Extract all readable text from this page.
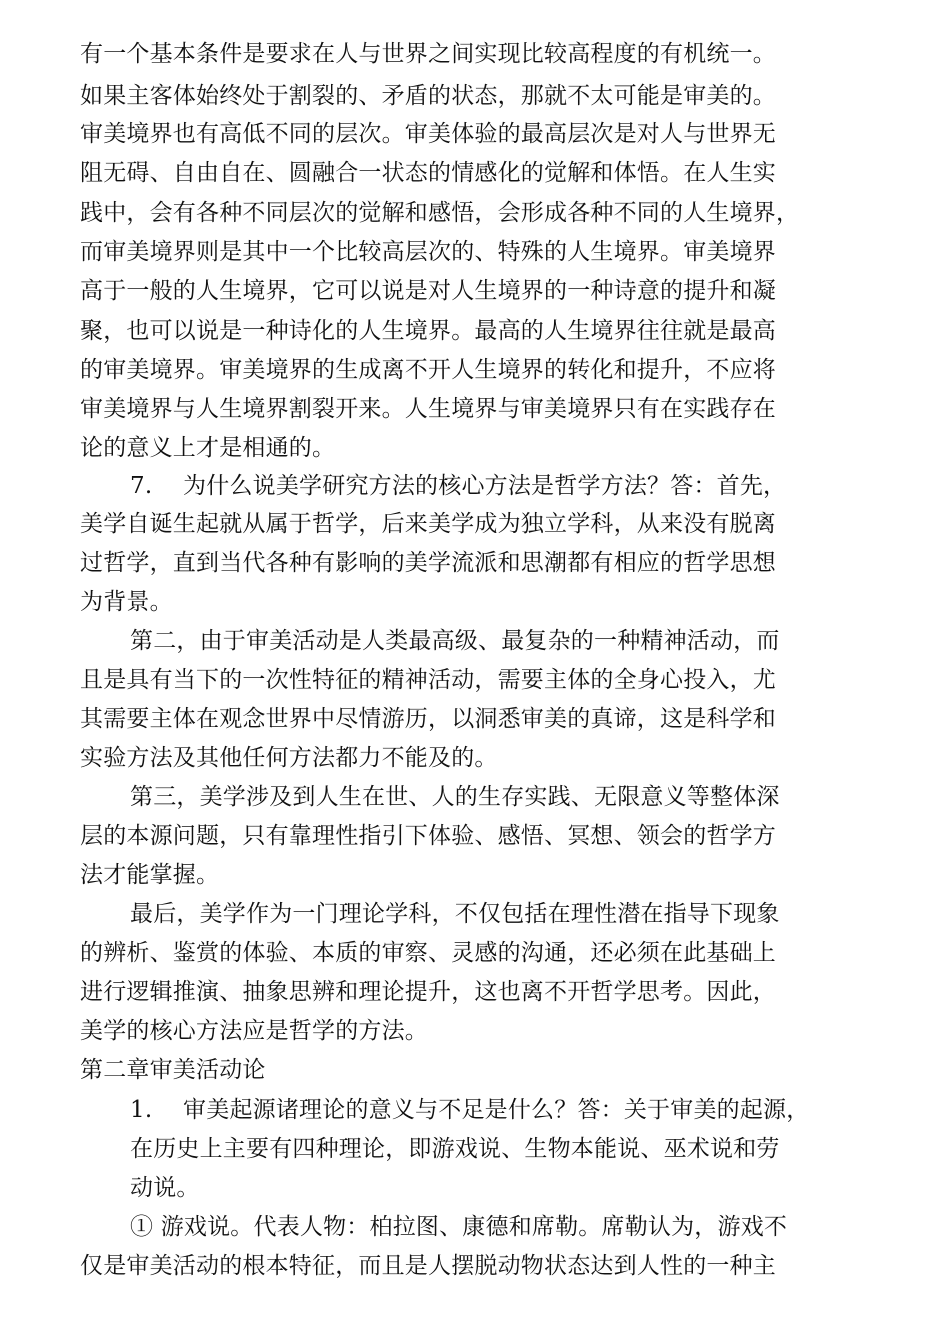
有一个基本条件是要求在人与世界之间实现比较高程度的有机统一。
如果主客体始终处于割裂的、矛盾的状态，那就不太可能是审美的。
审美境界也有高低不同的层次。审美体验的最高层次是对人与世界无
阻无碍、自由自在、圆融合一状态的情感化的觉解和体悟。在人生实
践中，会有各种不同层次的觉解和感悟，会形成各种不同的人生境界，
而审美境界则是其中一个比较高层次的、特殊的人生境界。审美境界
高于一般的人生境界，它可以说是对人生境界的一种诗意的提升和凝
聚，也可以说是一种诗化的人生境界。最高的人生境界往往就是最高
的审美境界。审美境界的生成离不开人生境界的转化和提升，不应将
审美境界与人生境界割裂开来。人生境界与审美境界只有在实践存在
论的意义上才是相通的。
7.　 为什么说美学研究方法的核心方法是哲学方法？答：首先，
美学自诞生起就从属于哲学，后来美学成为独立学科，从来没有脱离
过哲学，直到当代各种有影响的美学流派和思潮都有相应的哲学思想
为背景。
第二，由于审美活动是人类最高级、最复杂的一种精神活动，而
且是具有当下的一次性特征的精神活动，需要主体的全身心投入，尤
其需要主体在观念世界中尽情游历，以洞悉审美的真谛，这是科学和
实验方法及其他任何方法都力不能及的。
第三，美学涉及到人生在世、人的生存实践、无限意义等整体深
层的本源问题，只有靠理性指引下体验、感悟、冥想、领会的哲学方
法才能掌握。
最后，美学作为一门理论学科，不仅包括在理性潜在指导下现象
的辨析、鉴赏的体验、本质的审察、灵感的沟通，还必须在此基础上
进行逻辑推演、抽象思辨和理论提升，这也离不开哲学思考。因此，
美学的核心方法应是哲学的方法。
第二章审美活动论
1.　 审美起源诸理论的意义与不足是什么？答：关于审美的起源，
在历史上主要有四种理论，即游戏说、生物本能说、巫术说和劳
动说。
① 游戏说。代表人物：柏拉图、康德和席勒。席勒认为，游戏不
仅是审美活动的根本特征，而且是人摆脱动物状态达到人性的一种主
